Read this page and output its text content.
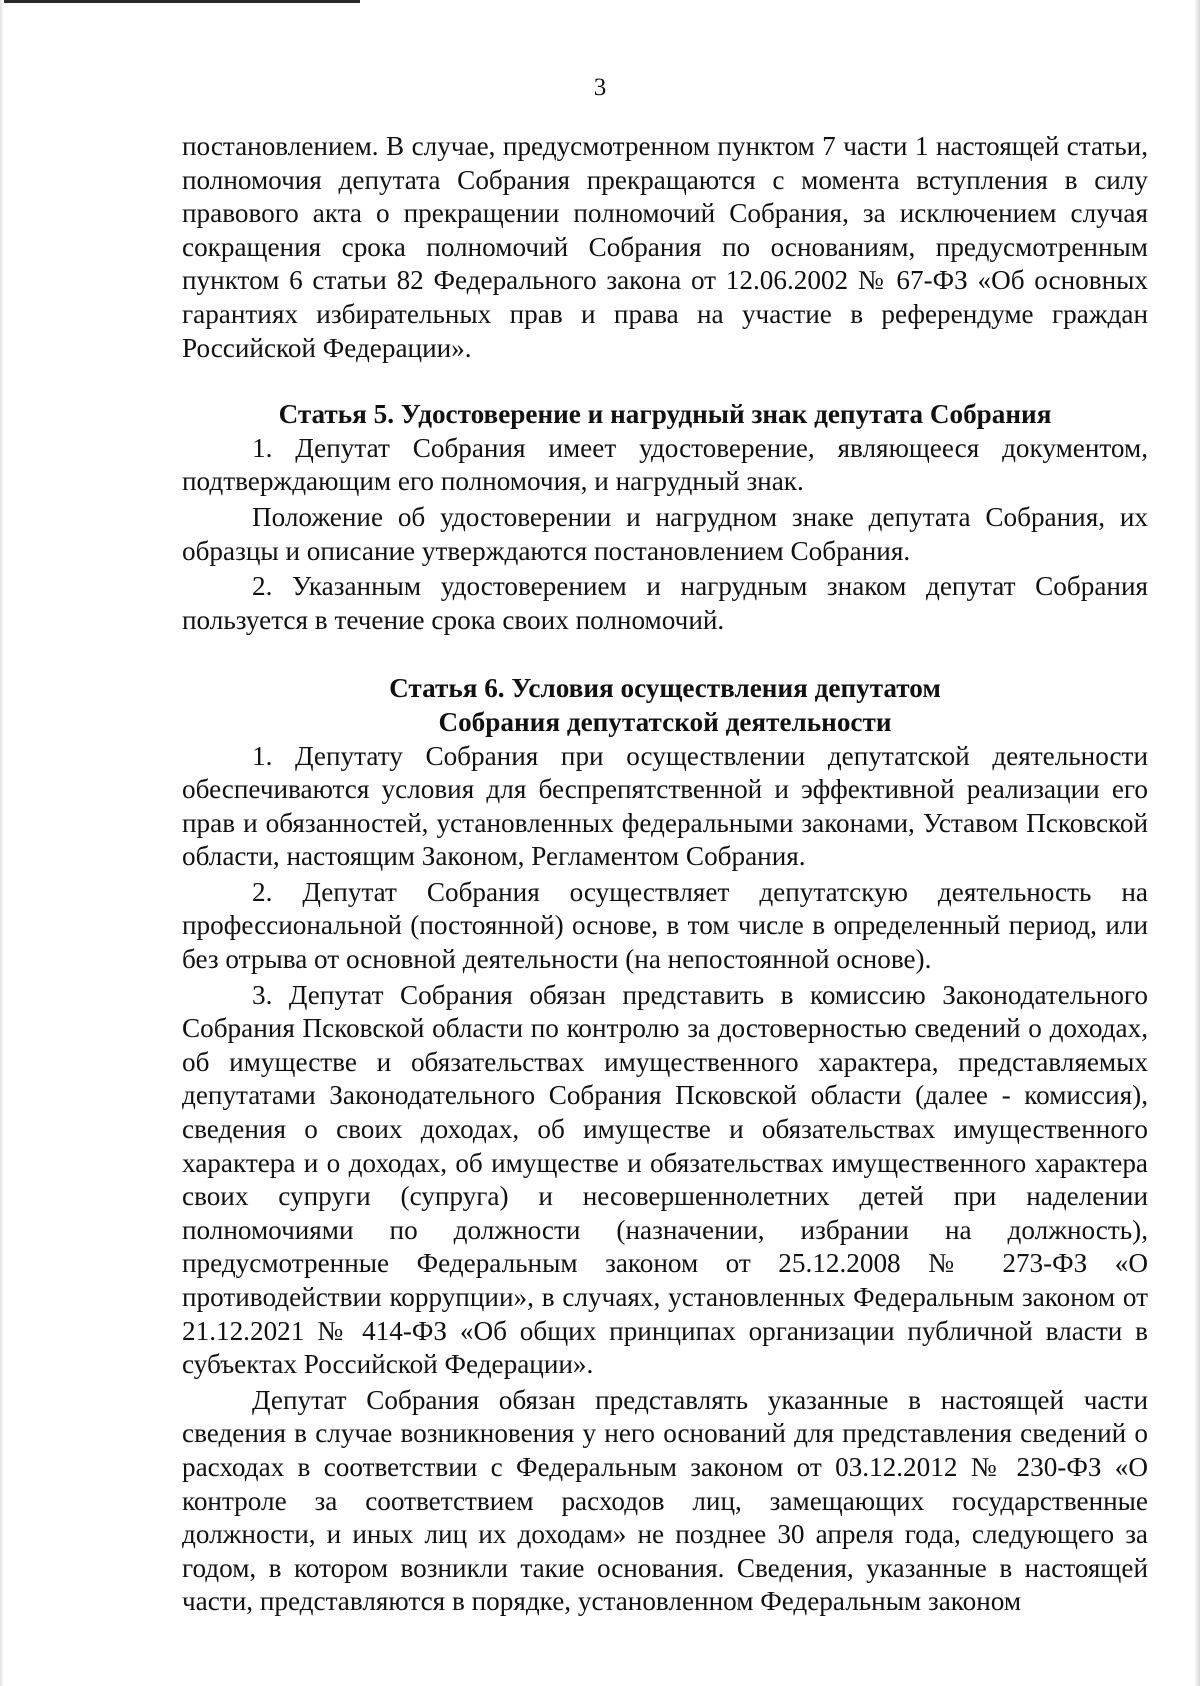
3

постановлением. В случае, предусмотренном пунктом 7 части 1 настоящей статьи, полномочия депутата Собрания прекращаются с момента вступления в силу правового акта о прекращении полномочий Собрания, за исключением случая сокращения срока полномочий Собрания по основаниям, предусмотренным пунктом 6 статьи 82 Федерального закона от 12.06.2002 № 67-ФЗ «Об основных гарантиях избирательных прав и права на участие в референдуме граждан Российской Федерации».

Статья 5. Удостоверение и нагрудный знак депутата Собрания

1. Депутат Собрания имеет удостоверение, являющееся документом, подтверждающим его полномочия, и нагрудный знак.

Положение об удостоверении и нагрудном знаке депутата Собрания, их образцы и описание утверждаются постановлением Собрания.

2. Указанным удостоверением и нагрудным знаком депутат Собрания пользуется в течение срока своих полномочий.

Статья 6. Условия осуществления депутатом

Собрания депутатской деятельности

1. Депутату Собрания при осуществлении депутатской деятельности обеспечиваются условия для беспрепятственной и эффективной реализации его прав и обязанностей, установленных федеральными законами, Уставом Псковской области, настоящим Законом, Регламентом Собрания.

2. Депутат Собрания осуществляет депутатскую деятельность на профессиональной (постоянной) основе, в том числе в определенный период, или без отрыва от основной деятельности (на непостоянной основе).

3. Депутат Собрания обязан представить в комиссию Законодательного Собрания Псковской области по контролю за достоверностью сведений о доходах, об имуществе и обязательствах имущественного характера, представляемых депутатами Законодательного Собрания Псковской области (далее - комиссия), сведения о своих доходах, об имуществе и обязательствах имущественного характера и о доходах, об имуществе и обязательствах имущественного характера своих супруги (супруга) и несовершеннолетних детей при наделении полномочиями по должности (назначении, избрании на должность), предусмотренные Федеральным законом от 25.12.2008 № 273-ФЗ «О противодействии коррупции», в случаях, установленных Федеральным законом от 21.12.2021 № 414-ФЗ «Об общих принципах организации публичной власти в субъектах Российской Федерации».

Депутат Собрания обязан представлять указанные в настоящей части сведения в случае возникновения у него оснований для представления сведений о расходах в соответствии с Федеральным законом от 03.12.2012 № 230-ФЗ «О контроле за соответствием расходов лиц, замещающих государственные должности, и иных лиц их доходам» не позднее 30 апреля года, следующего за годом, в котором возникли такие основания. Сведения, указанные в настоящей части, представляются в порядке, установленном Федеральным законом
